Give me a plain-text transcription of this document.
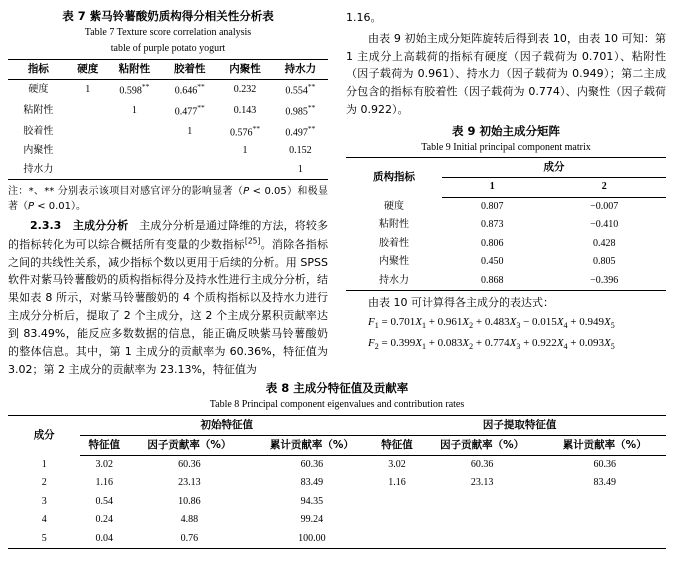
表 7 紫马铃薯酸奶质构得分相关性分析表
Table 7 Texture score correlation analysis
table of purple potato yogurt
指标	硬度	粘附性	胶着性	内聚性	持水力
硬度	1	0.598**	0.646**	0.232	0.554**
粘附性		1	0.477**	0.143	0.985**
胶着性			1	0.576**	0.497**
内聚性				1	0.152
持水力					1
注：*、** 分别表示该项目对感官评分的影响显著（P < 0.05）和极显著（P < 0.01）。

2.3.3 主成分分析 主成分分析是通过降维的方法，将较多的指标转化为可以综合概括所有变量的少数指标[25]。消除各指标之间的共线性关系，减少指标个数以更用于后续的分析。用 SPSS 软件对紫马铃薯酸奶的质构指标得分及持水性进行主成分分析，结果如表 8 所示，对紫马铃薯酸奶的 4 个质构指标以及持水力进行主成分分析后，提取了 2 个主成分，这 2 个主成分累积贡献率达到 83.49%，能反应多数数据的信息，能正确反映紫马铃薯酸奶的整体信息。其中，第 1 主成分的贡献率为 60.36%，特征值为 3.02；第 2 主成分的贡献率为 23.13%，特征值为

1.16。

由表 9 初始主成分矩阵旋转后得到表 10，由表 10 可知：第 1 主成分上高载荷的指标有硬度（因子载荷为 0.701）、粘附性（因子载荷为 0.961）、持水力（因子载荷为 0.949）；第二主成分包含的指标有胶着性（因子载荷为 0.774）、内聚性（因子载荷为 0.922）。

表 9 初始主成分矩阵
Table 9 Initial principal component matrix
质构指标	成分	
	1	2
硬度	0.807	−0.007
粘附性	0.873	−0.410
胶着性	0.806	0.428
内聚性	0.450	0.805
持水力	0.868	−0.396

由表 10 可计算得各主成分的表达式：

$F_1 = 0.701X_1 + 0.961X_2 + 0.483X_3 - 0.015X_4 + 0.949X_5$

$F_2 = 0.399X_1 + 0.083X_2 + 0.774X_3 + 0.922X_4 + 0.093X_5$

表 8 主成分特征值及贡献率
Table 8 Principal component eigenvalues and contribution rates
成分	初始特征值			因子提取特征值		
	特征值	因子贡献率（%）	累计贡献率（%）	特征值	因子贡献率（%）	累计贡献率（%）
1	3.02	60.36	60.36	3.02	60.36	60.36
2	1.16	23.13	83.49	1.16	23.13	83.49
3	0.54	10.86	94.35			
4	0.24	4.88	99.24			
5	0.04	0.76	100.00			
